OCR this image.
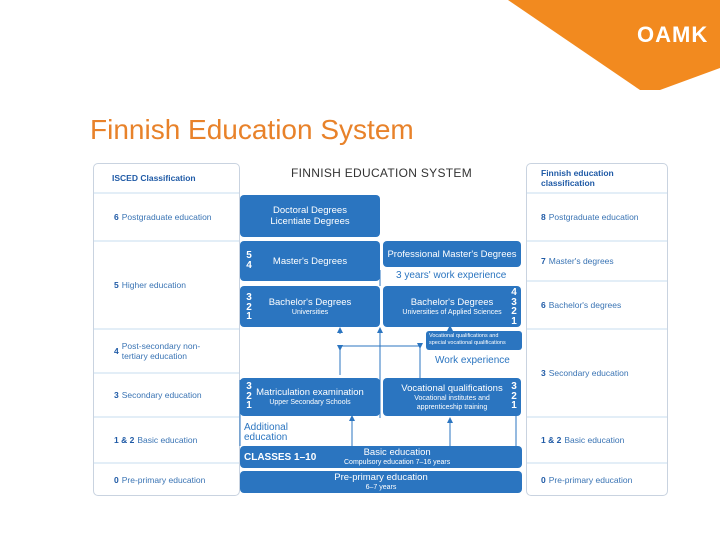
OAMK
Finnish Education System
ISCED Classification
6 Postgraduate education
5 Higher education
4 Post-secondary non-
tertiary education
3 Secondary education
1 & 2 Basic education
0 Pre-primary education
Finnish education
classification
8 Postgraduate education
7 Master's degrees
6 Bachelor's degrees
3 Secondary education
1 & 2 Basic education
0 Pre-primary education
FINNISH EDUCATION SYSTEM
Doctoral Degrees
Licentiate Degrees
Master's Degrees
5
4
Professional Master's Degrees
3 years' work experience
Bachelor's Degrees
Universities
3
2
1
Bachelor's Degrees
Universities of Applied Sciences
4
3
2
1
Vocational qualifications and
special vocational qualifications
Work experience
Matriculation examination
Upper Secondary Schools
3
2
1
Vocational qualifications
Vocational institutes and
apprenticeship training
3
2
1
Additional
education
CLASSES 1–10	Basic education
Compulsory education 7–16 years
Pre-primary education
6–7 years
